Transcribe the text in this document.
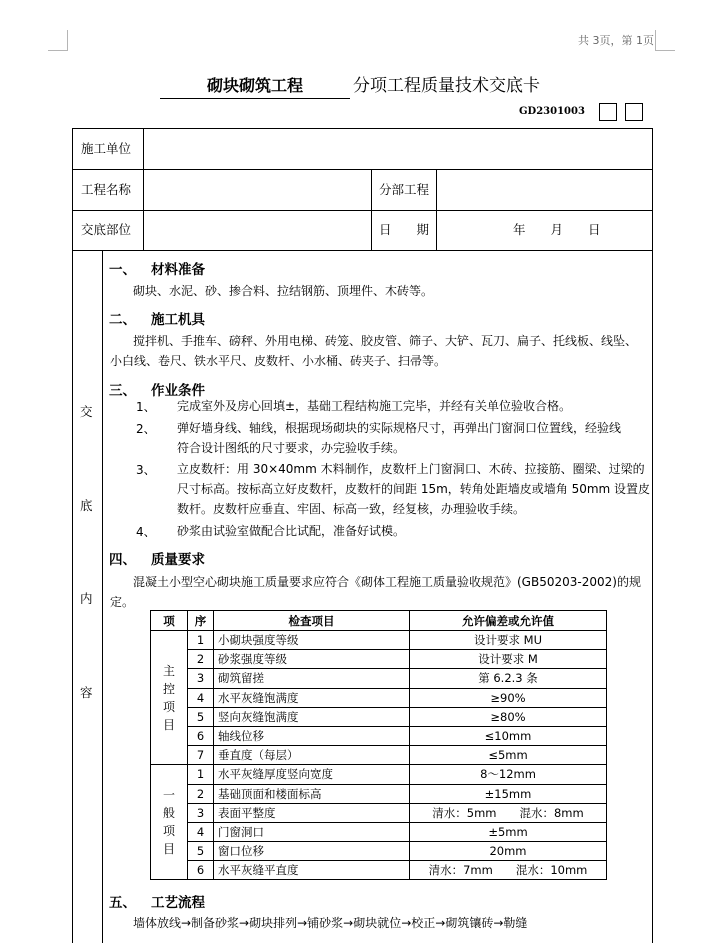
共 3页，第 1页
砌块砌筑工程	分项工程质量技术交底卡
GD2301003
施工单位
工程名称	分部工程
交底部位	日　　期	年　　月　　日
交
底
内
容
一、 材料准备
砌块、水泥、砂、掺合料、拉结钢筋、顶埋件、木砖等。
二、 施工机具
搅拌机、手推车、磅秤、外用电梯、砖笼、胶皮管、筛子、大铲、瓦刀、扁子、托线板、线坠、
小白线、卷尺、铁水平尺、皮数杆、小水桶、砖夹子、扫帚等。
三、 作业条件
1、 完成室外及房心回填±，基础工程结构施工完毕，并经有关单位验收合格。
2、 弹好墙身线、轴线，根据现场砌块的实际规格尺寸，再弹出门窗洞口位置线，经验线
符合设计图纸的尺寸要求，办完验收手续。
3、 立皮数杆：用 30×40mm 木料制作，皮数杆上门窗洞口、木砖、拉接筋、圈梁、过梁的
尺寸标高。按标高立好皮数杆，皮数杆的间距 15m，转角处距墙皮或墙角 50mm 设置皮
数杆。皮数杆应垂直、牢固、标高一致，经复核，办理验收手续。
4、 砂浆由试验室做配合比试配，准备好试模。
四、 质量要求
混凝土小型空心砌块施工质量要求应符合《砌体工程施工质量验收规范》(GB50203-2002)的规
定。
项	序	检查项目	允许偏差或允许值
主
控
项
目	1	小砌块强度等级	设计要求 MU
	2	砂浆强度等级	设计要求 M
	3	砌筑留搓	第 6.2.3 条
	4	水平灰缝饱满度	≥90%
	5	竖向灰缝饱满度	≥80%
	6	轴线位移	≤10mm
	7	垂直度（每层）	≤5mm
一
般
项
目	1	水平灰缝厚度竖向宽度	8～12mm
	2	基础顶面和楼面标高	±15mm
	3	表面平整度	清水：5mm　　混水：8mm
	4	门窗洞口	±5mm
	5	窗口位移	20mm
	6	水平灰缝平直度	清水：7mm　　混水：10mm
五、 工艺流程
墙体放线→制备砂浆→砌块排列→铺砂浆→砌块就位→校正→砌筑镶砖→勒缝
